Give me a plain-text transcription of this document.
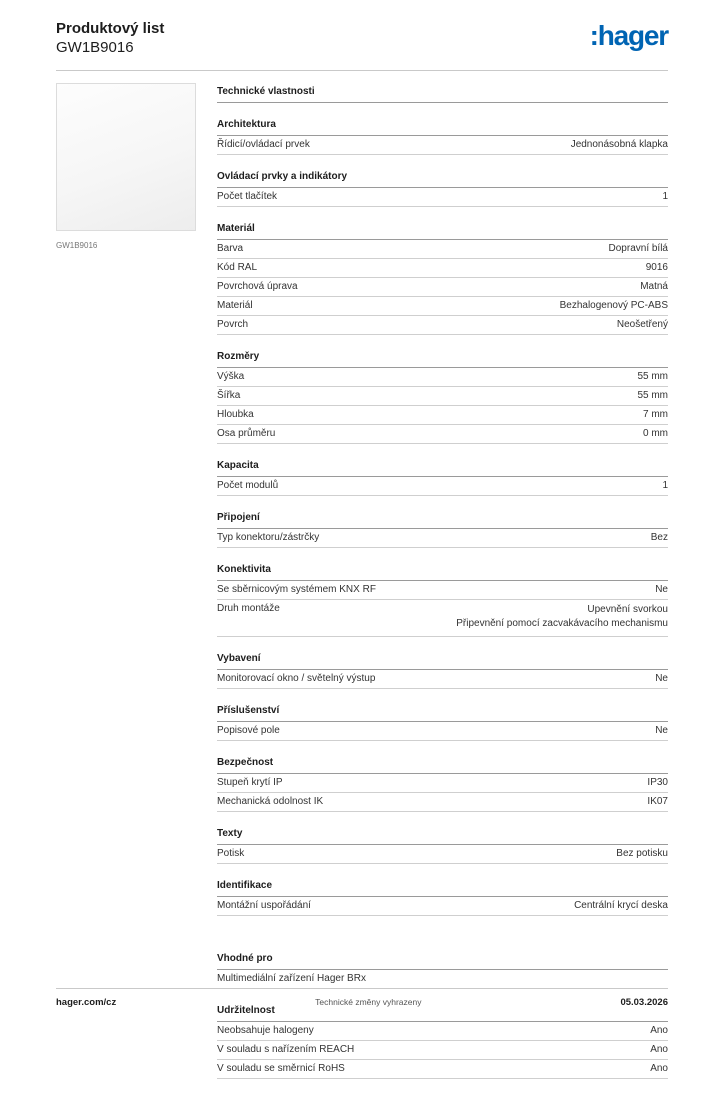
Produktový list
GW1B9016	:hager
GW1B9016
Technické vlastnosti
Architektura
Řídicí/ovládací prvek	Jednonásobná klapka
Ovládací prvky a indikátory
Počet tlačítek	1
Materiál
Barva	Dopravní bílá
Kód RAL	9016
Povrchová úprava	Matná
Materiál	Bezhalogenový PC-ABS
Povrch	Neošetřený
Rozměry
Výška	55 mm
Šířka	55 mm
Hloubka	7 mm
Osa průměru	0 mm
Kapacita
Počet modulů	1
Připojení
Typ konektoru/zástrčky	Bez
Konektivita
Se sběrnicovým systémem KNX RF	Ne
Druh montáže	Upevnění svorkou
Připevnění pomocí zacvakávacího mechanismu
Vybavení
Monitorovací okno / světelný výstup	Ne
Příslušenství
Popisové pole	Ne
Bezpečnost
Stupeň krytí IP	IP30
Mechanická odolnost IK	IK07
Texty
Potisk	Bez potisku
Identifikace
Montážní uspořádání	Centrální krycí deska
Vhodné pro
Multimediální zařízení Hager BRx
Udržitelnost
Neobsahuje halogeny	Ano
V souladu s nařízením REACH	Ano
V souladu se směrnicí RoHS	Ano
hager.com/cz	Technické změny vyhrazeny	05.03.2026
